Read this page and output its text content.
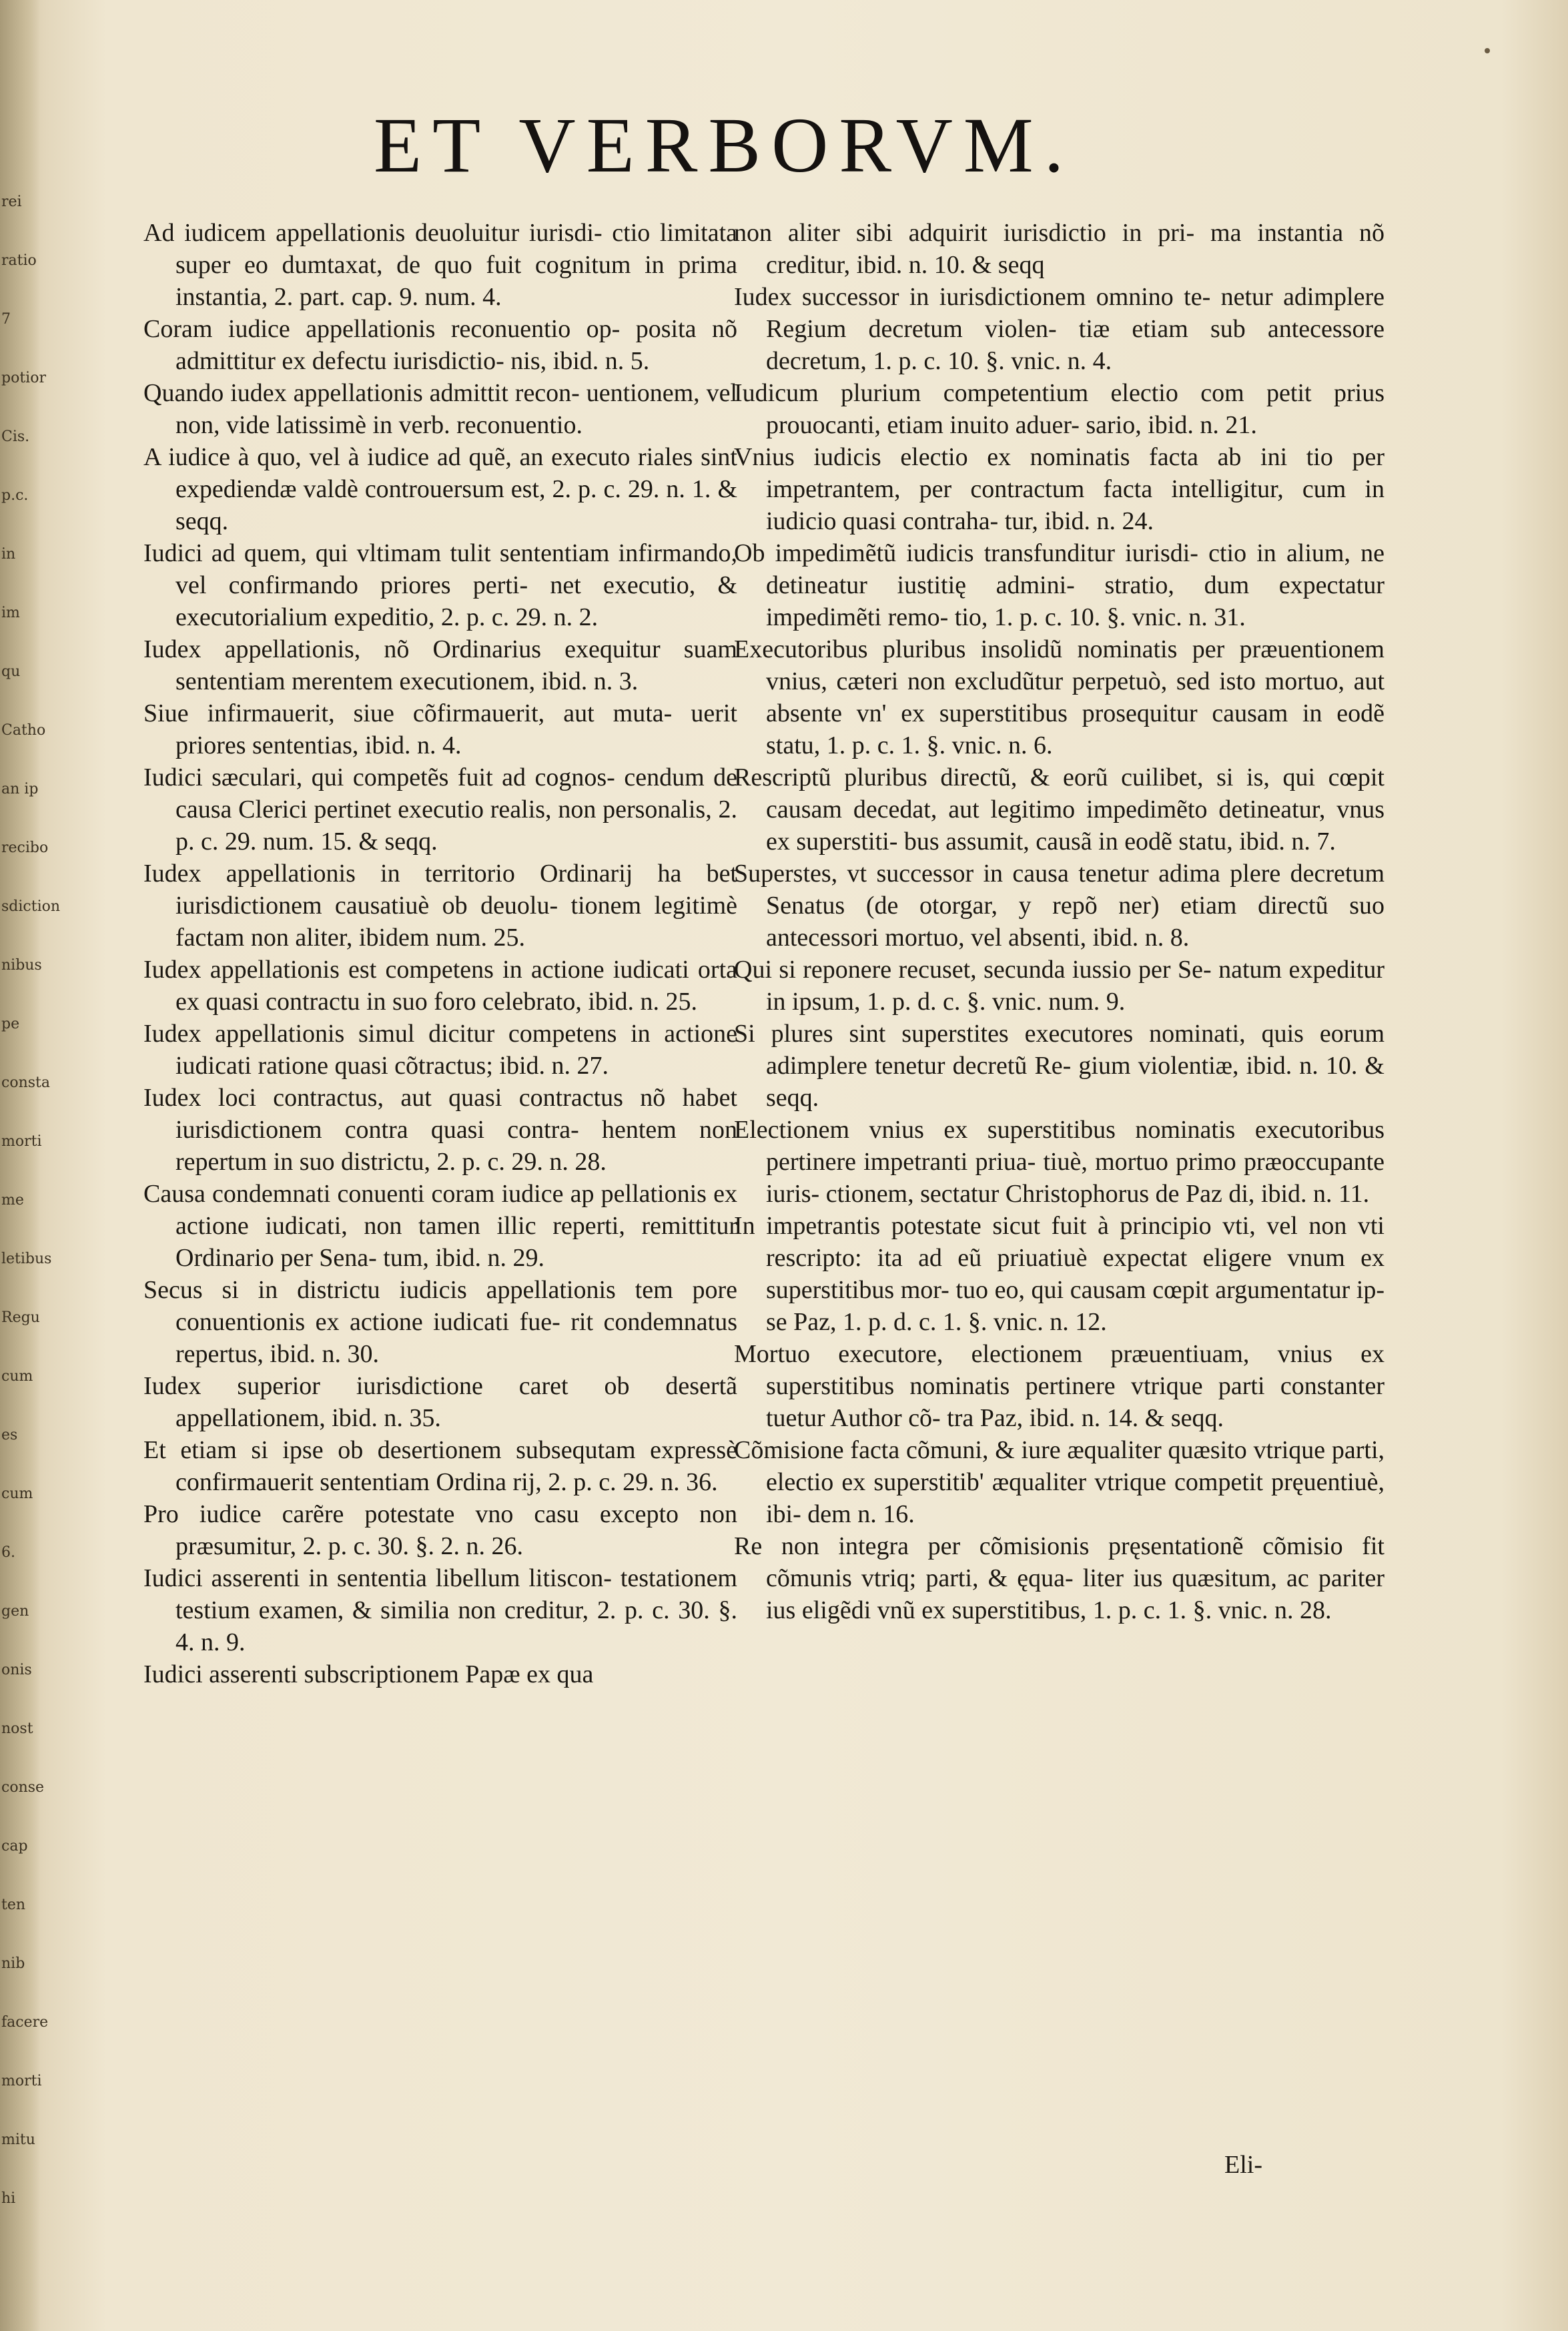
rei
ratio
7
potior
Cis.
p.c.
in
im
qu
Catho
an ip
recibo
sdiction
nibus
pe
consta
morti
me
letibus
Regu
cum
es
cum
6.
gen
onis
nost
conse
cap
ten
nib
facere
morti
mitu
hi
ET VERBORVM.

Ad iudicem appellationis deuoluitur iurisdi- ctio limitata super eo dumtaxat, de quo fuit cognitum in prima instantia, 2. part. cap. 9. num. 4.

Coram iudice appellationis reconuentio op- posita nõ admittitur ex defectu iurisdictio- nis, ibid. n. 5.

Quando iudex appellationis admittit recon- uentionem, vel non, vide latissimè in verb. reconuentio.

A iudice à quo, vel à iudice ad quẽ, an executo riales sint expediendæ valdè controuersum est, 2. p. c. 29. n. 1. & seqq.

Iudici ad quem, qui vltimam tulit sententiam infirmando, vel confirmando priores perti- net executio, & executorialium expeditio, 2. p. c. 29. n. 2.

Iudex appellationis, nõ Ordinarius exequitur suam sententiam merentem executionem, ibid. n. 3.

Siue infirmauerit, siue cõfirmauerit, aut muta- uerit priores sententias, ibid. n. 4.

Iudici sæculari, qui competẽs fuit ad cognos- cendum de causa Clerici pertinet executio realis, non personalis, 2. p. c. 29. num. 15. & seqq.

Iudex appellationis in territorio Ordinarij ha bet iurisdictionem causatiuè ob deuolu- tionem legitimè factam non aliter, ibidem num. 25.

Iudex appellationis est competens in actione iudicati orta ex quasi contractu in suo foro celebrato, ibid. n. 25.

Iudex appellationis simul dicitur competens in actione iudicati ratione quasi cõtractus; ibid. n. 27.

Iudex loci contractus, aut quasi contractus nõ habet iurisdictionem contra quasi contra- hentem non repertum in suo districtu, 2. p. c. 29. n. 28.

Causa condemnati conuenti coram iudice ap pellationis ex actione iudicati, non tamen illic reperti, remittitur Ordinario per Sena- tum, ibid. n. 29.

Secus si in districtu iudicis appellationis tem pore conuentionis ex actione iudicati fue- rit condemnatus repertus, ibid. n. 30.

Iudex superior iurisdictione caret ob desertã appellationem, ibid. n. 35.

Et etiam si ipse ob desertionem subsequtam expressè confirmauerit sententiam Ordina rij, 2. p. c. 29. n. 36.

Pro iudice carẽre potestate vno casu excepto non præsumitur, 2. p. c. 30. §. 2. n. 26.

Iudici asserenti in sententia libellum litiscon- testationem testium examen, & similia non creditur, 2. p. c. 30. §. 4. n. 9.

Iudici asserenti subscriptionem Papæ ex qua

non aliter sibi adquirit iurisdictio in pri- ma instantia nõ creditur, ibid. n. 10. & seqq

Iudex successor in iurisdictionem omnino te- netur adimplere Regium decretum violen- tiæ etiam sub antecessore decretum, 1. p. c. 10. §. vnic. n. 4.

Iudicum plurium competentium electio com petit prius prouocanti, etiam inuito aduer- sario, ibid. n. 21.

Vnius iudicis electio ex nominatis facta ab ini tio per impetrantem, per contractum facta intelligitur, cum in iudicio quasi contraha- tur, ibid. n. 24.

Ob impedimẽtũ iudicis transfunditur iurisdi- ctio in alium, ne detineatur iustitię admini- stratio, dum expectatur impedimẽti remo- tio, 1. p. c. 10. §. vnic. n. 31.

Executoribus pluribus insolidũ nominatis per præuentionem vnius, cæteri non excludũtur perpetuò, sed isto mortuo, aut absente vn' ex superstitibus prosequitur causam in eodẽ statu, 1. p. c. 1. §. vnic. n. 6.

Rescriptũ pluribus directũ, & eorũ cuilibet, si is, qui cœpit causam decedat, aut legitimo impedimẽto detineatur, vnus ex superstiti- bus assumit, causã in eodẽ statu, ibid. n. 7.

Superstes, vt successor in causa tenetur adima plere decretum Senatus (de otorgar, y repõ ner) etiam directũ suo antecessori mortuo, vel absenti, ibid. n. 8.

Qui si reponere recuset, secunda iussio per Se- natum expeditur in ipsum, 1. p. d. c. §. vnic. num. 9.

Si plures sint superstites executores nominati, quis eorum adimplere tenetur decretũ Re- gium violentiæ, ibid. n. 10. & seqq.

Electionem vnius ex superstitibus nominatis executoribus pertinere impetranti priua- tiuè, mortuo primo præoccupante iuris- ctionem, sectatur Christophorus de Paz di, ibid. n. 11.

In impetrantis potestate sicut fuit à principio vti, vel non vti rescripto: ita ad eũ priuatiuè expectat eligere vnum ex superstitibus mor- tuo eo, qui causam cœpit argumentatur ip- se Paz, 1. p. d. c. 1. §. vnic. n. 12.

Mortuo executore, electionem præuentiuam, vnius ex superstitibus nominatis pertinere vtrique parti constanter tuetur Author cõ- tra Paz, ibid. n. 14. & seqq.

Cõmisione facta cõmuni, & iure æqualiter quæsito vtrique parti, electio ex superstitib' æqualiter vtrique competit pręuentiuè, ibi- dem n. 16.

Re non integra per cõmisionis pręsentationẽ cõmisio fit cõmunis vtriq; parti, & ęqua- liter ius quæsitum, ac pariter ius eligẽdi vnũ ex superstitibus, 1. p. c. 1. §. vnic. n. 28.

Eli-
